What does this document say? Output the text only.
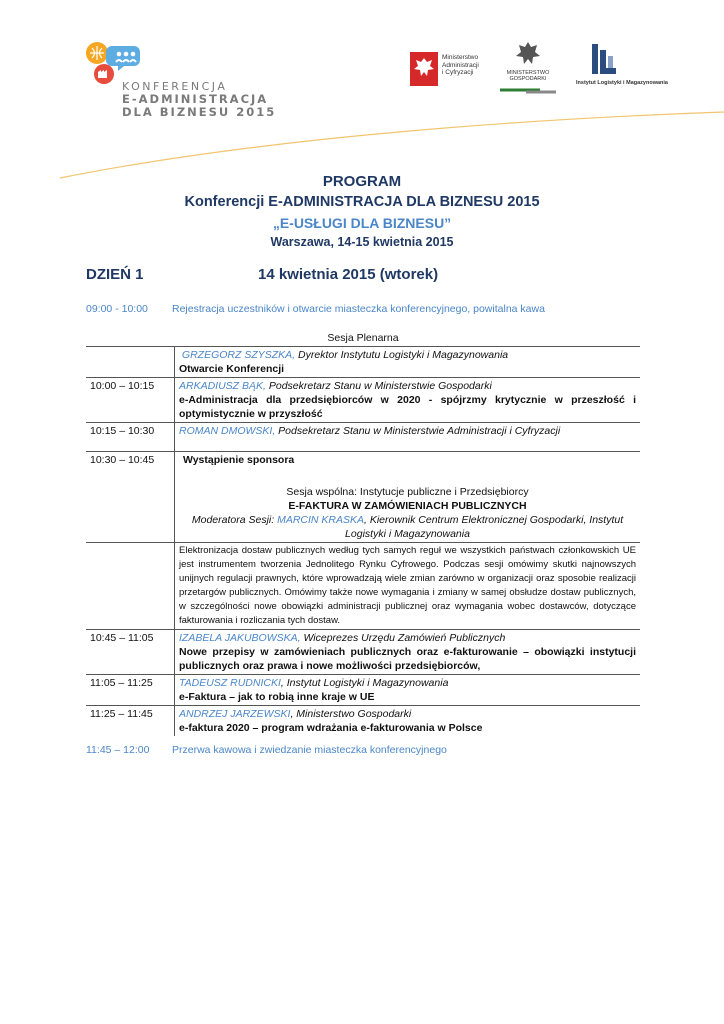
KONFERENCJA
E-ADMINISTRACJA
DLA BIZNESU 2015
Ministerstwo
Administracji
i Cyfryzacji	MINISTERSTWO
GOSPODARKI
Instytut Logistyki i Magazynowania
PROGRAM
Konferencji E-ADMINISTRACJA DLA BIZNESU 2015
„E-USŁUGI DLA BIZNESU”
Warszawa, 14-15 kwietnia 2015
DZIEŃ 1	14 kwietnia 2015 (wtorek)
09:00 - 10:00 Rejestracja uczestników i otwarcie miasteczka konferencyjnego, powitalna kawa
Sesja Plenarna	

	GRZEGORZ SZYSZKA, Dyrektor Instytutu Logistyki i Magazynowania
Otwarcie Konferencji

10:00 – 10:15	ARKADIUSZ BĄK, Podsekretarz Stanu w Ministerstwie Gospodarki
e-Administracja dla przedsiębiorców w 2020 - spójrzmy krytycznie w przeszłość i optymistycznie w przyszłość

10:15 – 10:30	ROMAN DMOWSKI, Podsekretarz Stanu w Ministerstwie Administracji i Cyfryzacji

10:30 – 10:45	Wystąpienie sponsora

	Sesja wspólna: Instytucje publiczne i Przedsiębiorcy
E-FAKTURA W ZAMÓWIENIACH PUBLICZNYCH
Moderatora Sesji: MARCIN KRASKA, Kierownik Centrum Elektronicznej Gospodarki, Instytut Logistyki i Magazynowania

	Elektronizacja dostaw publicznych według tych samych reguł we wszystkich państwach członkowskich UE jest instrumentem tworzenia Jednolitego Rynku Cyfrowego. Podczas sesji omówimy skutki najnowszych unijnych regulacji prawnych, które wprowadzają wiele zmian zarówno w organizacji oraz sposobie realizacji przetargów publicznych. Omówimy także nowe wymagania i zmiany w samej obsłudze dostaw publicznych, w szczególności nowe obowiązki administracji publicznej oraz wymagania wobec dostawców, dotyczące fakturowania i rozliczania tych dostaw.
10:45 – 11:05	IZABELA JAKUBOWSKA, Wiceprezes Urzędu Zamówień Publicznych
Nowe przepisy w zamówieniach publicznych oraz e-fakturowanie – obowiązki instytucji publicznych oraz prawa i nowe możliwości przedsiębiorców,

11:05 – 11:25	TADEUSZ RUDNICKI, Instytut Logistyki i Magazynowania
e-Faktura – jak to robią inne kraje w UE

11:25 – 11:45	ANDRZEJ JARZEWSKI, Ministerstwo Gospodarki
e-faktura 2020 – program wdrażania e-fakturowania w Polsce
11:45 – 12:00 Przerwa kawowa i zwiedzanie miasteczka konferencyjnego
